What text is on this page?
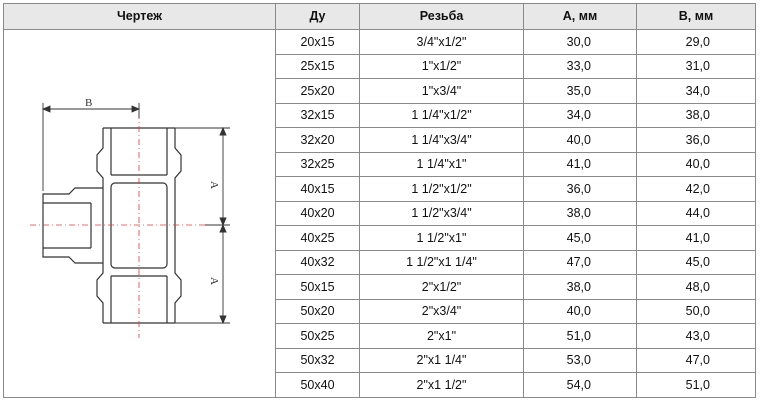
Чертеж	Ду	Резьба	А, мм	В, мм

B
A
A	20x15	3/4"x1/2"	30,0	29,0
	25x15	1"x1/2"	33,0	31,0
	25x20	1"x3/4"	35,0	34,0
	32x15	1 1/4"x1/2"	34,0	38,0
	32x20	1 1/4"x3/4"	40,0	36,0
	32x25	1 1/4"x1"	41,0	40,0
	40x15	1 1/2"x1/2"	36,0	42,0
	40x20	1 1/2"x3/4"	38,0	44,0
	40x25	1 1/2"x1"	45,0	41,0
	40x32	1 1/2"x1 1/4"	47,0	45,0
	50x15	2"x1/2"	38,0	48,0
	50x20	2"x3/4"	40,0	50,0
	50x25	2"x1"	51,0	43,0
	50x32	2"x1 1/4"	53,0	47,0
	50x40	2"x1 1/2"	54,0	51,0
